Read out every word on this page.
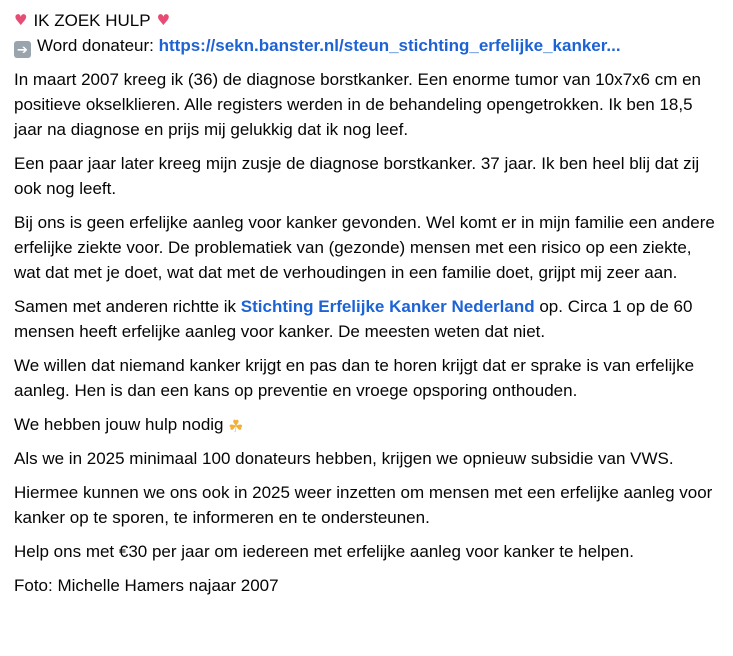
♥ IK ZOEK HULP ♥
➔ Word donateur: https://sekn.banster.nl/steun_stichting_erfelijke_kanker...

In maart 2007 kreeg ik (36) de diagnose borstkanker. Een enorme tumor van 10x7x6 cm en positieve okselklieren. Alle registers werden in de behandeling opengetrokken. Ik ben 18,5 jaar na diagnose en prijs mij gelukkig dat ik nog leef.

Een paar jaar later kreeg mijn zusje de diagnose borstkanker. 37 jaar. Ik ben heel blij dat zij ook nog leeft.

Bij ons is geen erfelijke aanleg voor kanker gevonden. Wel komt er in mijn familie een andere erfelijke ziekte voor. De problematiek van (gezonde) mensen met een risico op een ziekte, wat dat met je doet, wat dat met de verhoudingen in een familie doet, grijpt mij zeer aan.

Samen met anderen richtte ik Stichting Erfelijke Kanker Nederland op. Circa 1 op de 60 mensen heeft erfelijke aanleg voor kanker. De meesten weten dat niet.

We willen dat niemand kanker krijgt en pas dan te horen krijgt dat er sprake is van erfelijke aanleg. Hen is dan een kans op preventie en vroege opsporing onthouden.

We hebben jouw hulp nodig ☘

Als we in 2025 minimaal 100 donateurs hebben, krijgen we opnieuw subsidie van VWS.

Hiermee kunnen we ons ook in 2025 weer inzetten om mensen met een erfelijke aanleg voor kanker op te sporen, te informeren en te ondersteunen.

Help ons met €30 per jaar om iedereen met erfelijke aanleg voor kanker te helpen.

Foto: Michelle Hamers najaar 2007
